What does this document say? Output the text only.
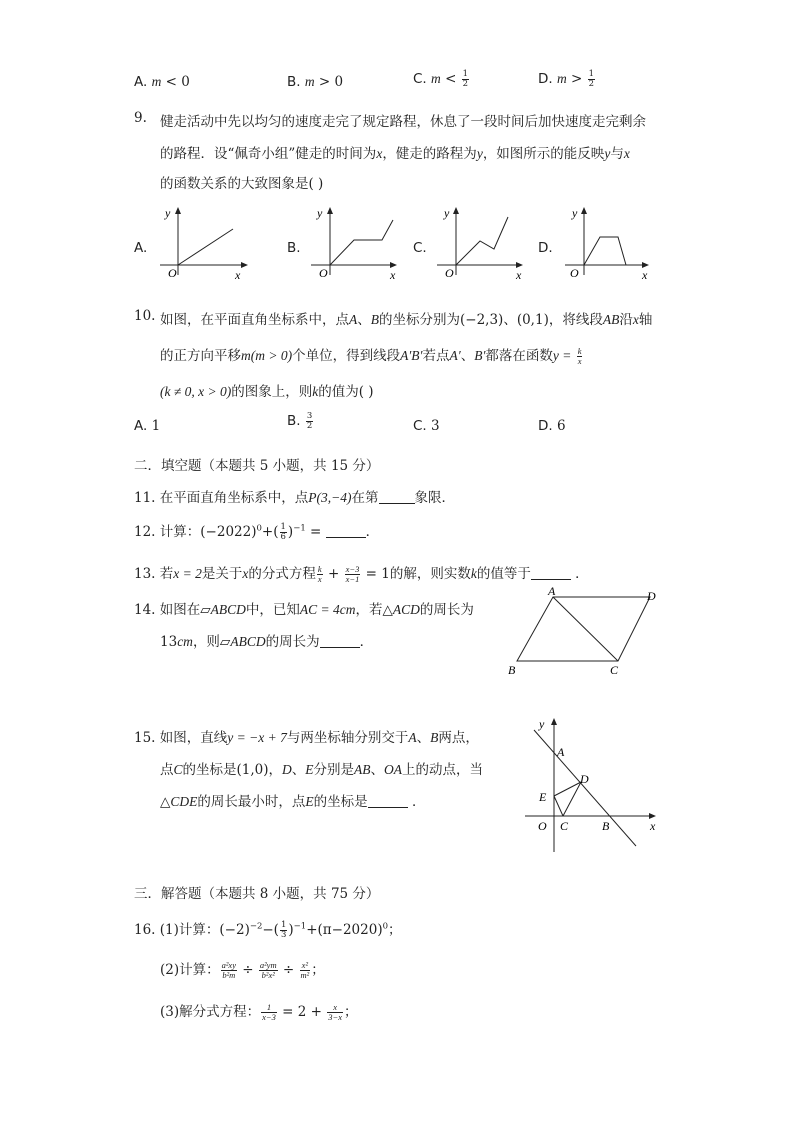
A. m < 0	B. m > 0	C. $m < \frac{1}{2}$	D. $m > \frac{1}{2}$
9. 健走活动中先以均匀的速度走完了规定路程，休息了一段时间后加快速度走完剩余
的路程．设“佩奇小组”健走的时间为x，健走的路程为y，如图所示的能反映y与x
的函数关系的大致图象是( )
A.
y
x
O
B.
y
x
O
C.
y
x
O
D.
y
x
O
10. 如图，在平面直角坐标系中，点A、B的坐标分别为(−2,3)、(0,1)，将线段AB沿x轴
的正方向平移m(m > 0)个单位，得到线段A′B′若点A′、B′都落在函数$y = \frac{k}{x}$
(k ≠ 0, x > 0)的图象上，则k的值为( )
A. 1	B. $\frac{3}{2}$	C. 3	D. 6
二．填空题（本题共 5 小题，共 15 分）
11. 在平面直角坐标系中，点P(3,−4)在第	象限．
12. 计算：$(-2022)^0+( \frac{1}{6} )^{-1}$ =	．
13. 若x = 2是关于x的分式方程 $\frac{k}{x} + \frac{x-3}{x-1} = 1$的解，则实数k的值等于	．
14. 如图在▱ABCD中，已知AC = 4cm，若△ACD的周长为
13cm，则▱ABCD的周长为	．
A	D
B	C
15. 如图，直线y = −x + 7与两坐标轴分别交于A、B两点，
点C的坐标是(1,0)，D、E分别是AB、OA上的动点，当
△CDE的周长最小时，点E的坐标是	．
y
A
D
E
O C	B	x
三．解答题（本题共 8 小题，共 75 分）
16. (1)计算：$(-2)^{-2}-( \frac{1}{3} )^{-1}+(\pi-2020)^0$；
(2)计算： $\frac{\text{a²xy}}{\text{b²m}} \div \frac{\text{a²ym}}{\text{b²x²}} \div \frac{\text{x²}}{\text{m²}}$ ；
(3)解分式方程： $\frac{1}{x-3} = 2 + \frac{x}{3-x}$ ；
